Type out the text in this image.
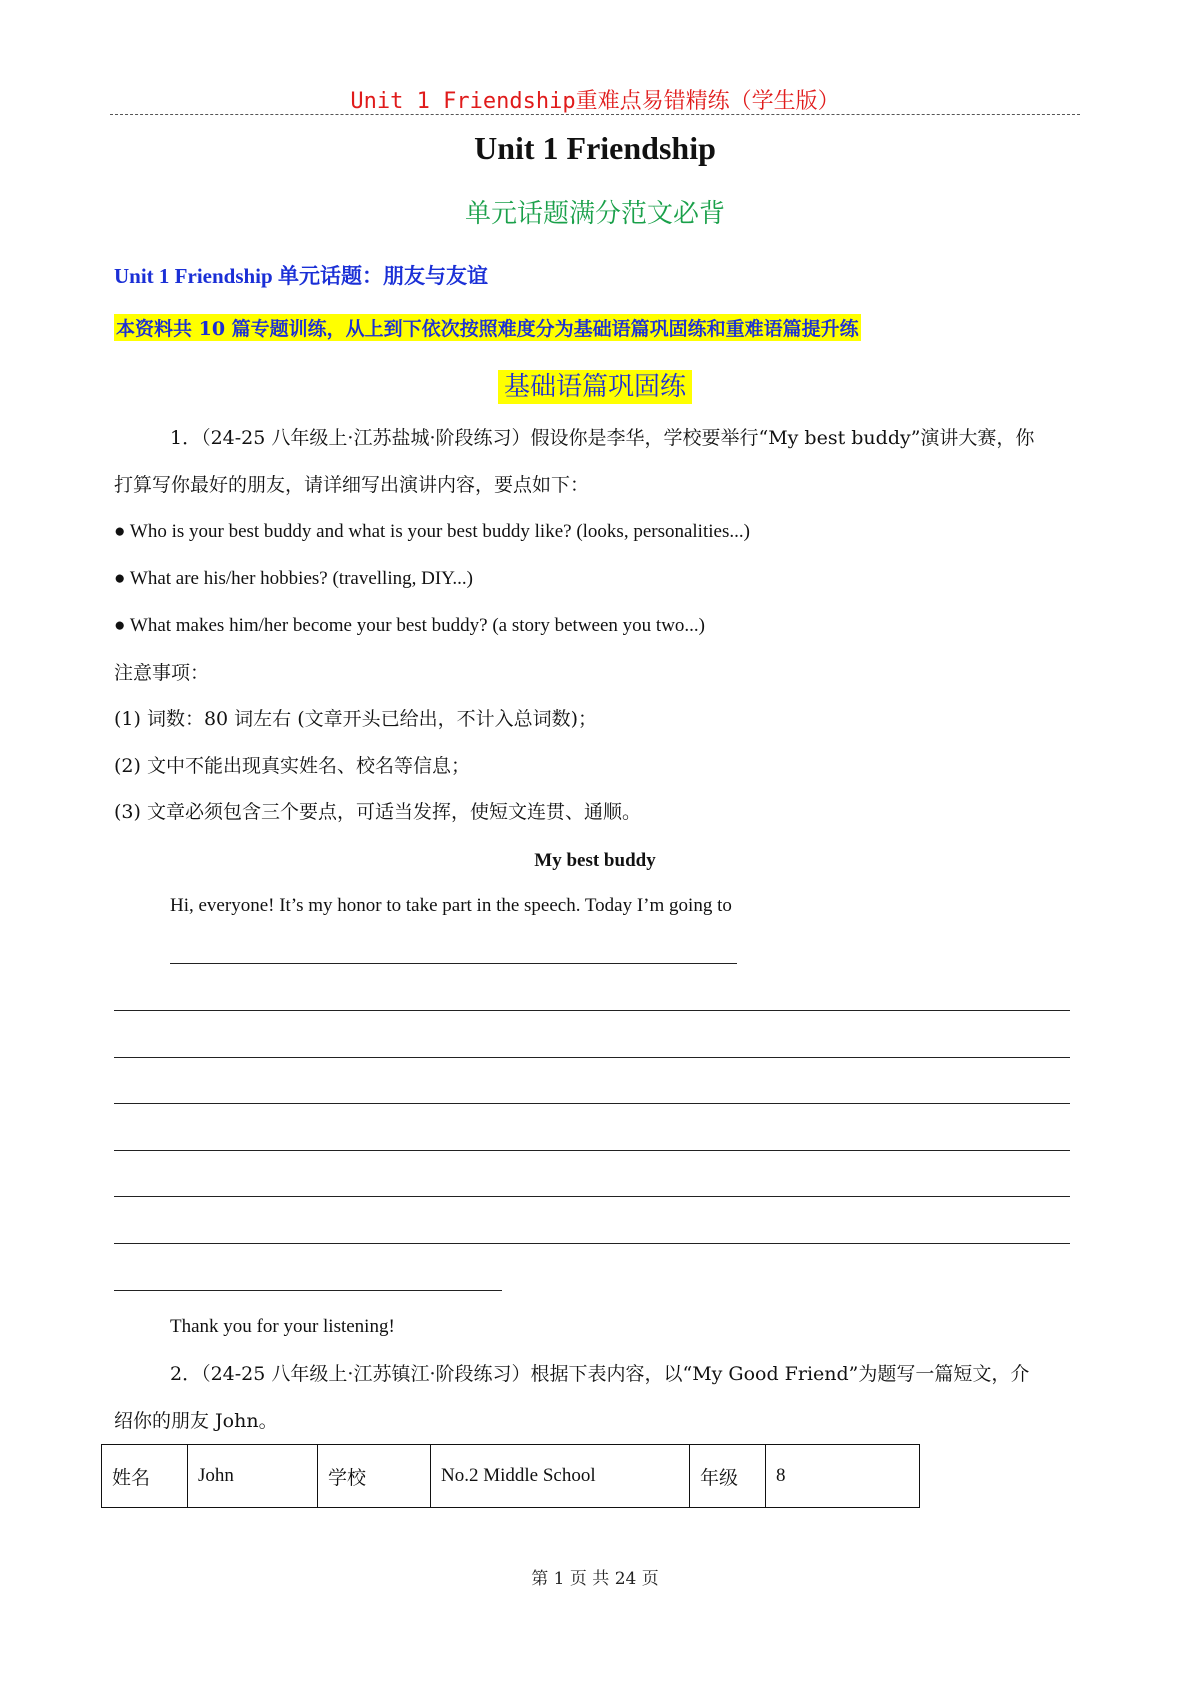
Unit 1 Friendship重难点易错精练（学生版）
Unit 1 Friendship
单元话题满分范文必背
Unit 1 Friendship 单元话题：朋友与友谊
本资料共 10 篇专题训练，从上到下依次按照难度分为基础语篇巩固练和重难语篇提升练
基础语篇巩固练
1．（24-25 八年级上·江苏盐城·阶段练习）假设你是李华，学校要举行“My best buddy”演讲大赛，你
打算写你最好的朋友，请详细写出演讲内容，要点如下：
● Who is your best buddy and what is your best buddy like? (looks, personalities...)
● What are his/her hobbies? (travelling, DIY...)
● What makes him/her become your best buddy? (a story between you two...)
注意事项：
(1) 词数：80 词左右 (文章开头已给出，不计入总词数)；
(2) 文中不能出现真实姓名、校名等信息；
(3) 文章必须包含三个要点，可适当发挥，使短文连贯、通顺。
My best buddy
Hi, everyone! It’s my honor to take part in the speech. Today I’m going to
Thank you for your listening!
2．（24-25 八年级上·江苏镇江·阶段练习）根据下表内容，以“My Good Friend”为题写一篇短文，介
绍你的朋友 John。
姓名	John	学校	No.2 Middle School	年级	8
第 1 页 共 24 页
